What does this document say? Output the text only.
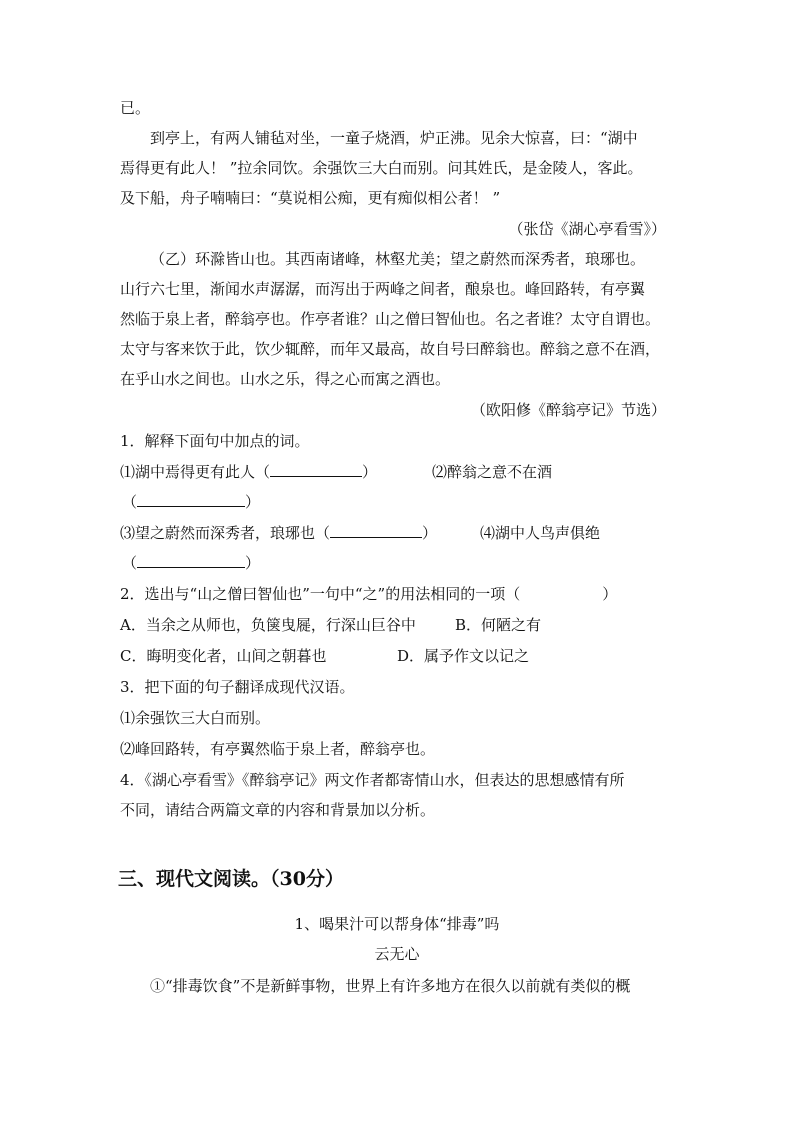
已。
到亭上，有两人铺毡对坐，一童子烧酒，炉正沸。见余大惊喜，曰：“湖中
焉得更有此人！ ”拉余同饮。余强饮三大白而别。问其姓氏，是金陵人，客此。
及下船，舟子喃喃曰：“莫说相公痴，更有痴似相公者！ ”
（张岱《湖心亭看雪》）
（乙）环滁皆山也。其西南诸峰，林壑尤美；望之蔚然而深秀者，琅琊也。
山行六七里，渐闻水声潺潺，而泻出于两峰之间者，酿泉也。峰回路转，有亭翼
然临于泉上者，醉翁亭也。作亭者谁？山之僧曰智仙也。名之者谁？太守自谓也。
太守与客来饮于此，饮少辄醉，而年又最高，故自号曰醉翁也。醉翁之意不在酒，
在乎山水之间也。山水之乐，得之心而寓之酒也。
（欧阳修《醉翁亭记》节选）
1．解释下面句中加点的词。
⑴湖中焉得更有此人（	）	⑵醉翁之意不在酒
（	）
⑶望之蔚然而深秀者，琅琊也（	）	⑷湖中人鸟声俱绝
（	）
2．选出与“山之僧曰智仙也”一句中“之”的用法相同的一项（	）
A．当余之从师也，负箧曳屣，行深山巨谷中	B．何陋之有
C．晦明变化者，山间之朝暮也	D．属予作文以记之
3．把下面的句子翻译成现代汉语。
⑴余强饮三大白而别。
⑵峰回路转，有亭翼然临于泉上者，醉翁亭也。
4．《湖心亭看雪》《醉翁亭记》两文作者都寄情山水，但表达的思想感情有所
不同，请结合两篇文章的内容和背景加以分析。
三、现代文阅读。（30分）
1、喝果汁可以帮身体“排毒”吗
云无心
①“排毒饮食”不是新鲜事物，世界上有许多地方在很久以前就有类似的概
